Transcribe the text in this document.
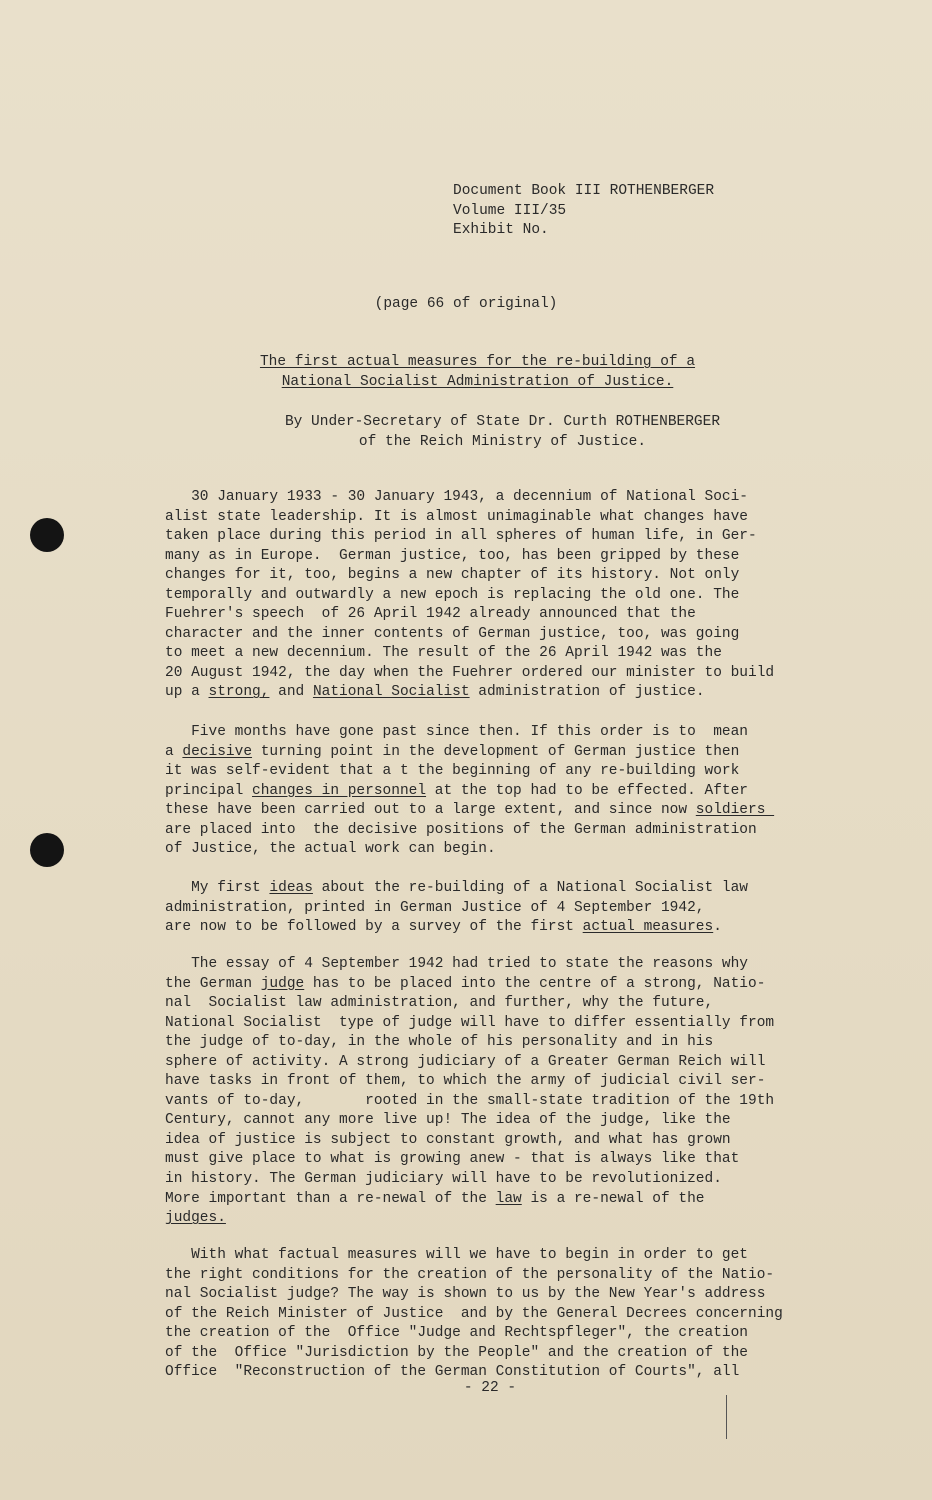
Document Book III ROTHENBERGER
Volume III/35
Exhibit No.
(page 66 of original)
The first actual measures for the re-building of a
National Socialist Administration of Justice.
By Under-Secretary of State Dr. Curth ROTHENBERGER
of the Reich Ministry of Justice.
30 January 1933 - 30 January 1943, a decennium of National Soci-
alist state leadership. It is almost unimaginable what changes have
taken place during this period in all spheres of human life, in Ger-
many as in Europe.  German justice, too, has been gripped by these
changes for it, too, begins a new chapter of its history. Not only
temporally and outwardly a new epoch is replacing the old one. The
Fuehrer's speech  of 26 April 1942 already announced that the
character and the inner contents of German justice, too, was going
to meet a new decennium. The result of the 26 April 1942 was the
20 August 1942, the day when the Fuehrer ordered our minister to build
up a strong, and National Socialist administration of justice.
Five months have gone past since then. If this order is to  mean
a decisive turning point in the development of German justice then
it was self-evident that a t the beginning of any re-building work
principal changes in personnel at the top had to be effected. After
these have been carried out to a large extent, and since now soldiers
are placed into  the decisive positions of the German administration
of Justice, the actual work can begin.
My first ideas about the re-building of a National Socialist law
administration, printed in German Justice of 4 September 1942,
are now to be followed by a survey of the first actual measures.
The essay of 4 September 1942 had tried to state the reasons why
the German judge has to be placed into the centre of a strong, Natio-
nal  Socialist law administration, and further, why the future,
National Socialist  type of judge will have to differ essentially from
the judge of to-day, in the whole of his personality and in his
sphere of activity. A strong judiciary of a Greater German Reich will
have tasks in front of them, to which the army of judicial civil ser-
vants of to-day,       rooted in the small-state tradition of the 19th
Century, cannot any more live up! The idea of the judge, like the
idea of justice is subject to constant growth, and what has grown
must give place to what is growing anew - that is always like that
in history. The German judiciary will have to be revolutionized.
More important than a re-newal of the law is a re-newal of the
judges.
With what factual measures will we have to begin in order to get
the right conditions for the creation of the personality of the Natio-
nal Socialist judge? The way is shown to us by the New Year's address
of the Reich Minister of Justice  and by the General Decrees concerning
the creation of the  Office "Judge and Rechtspfleger", the creation
of the  Office "Jurisdiction by the People" and the creation of the
Office  "Reconstruction of the German Constitution of Courts", all
- 22 -
